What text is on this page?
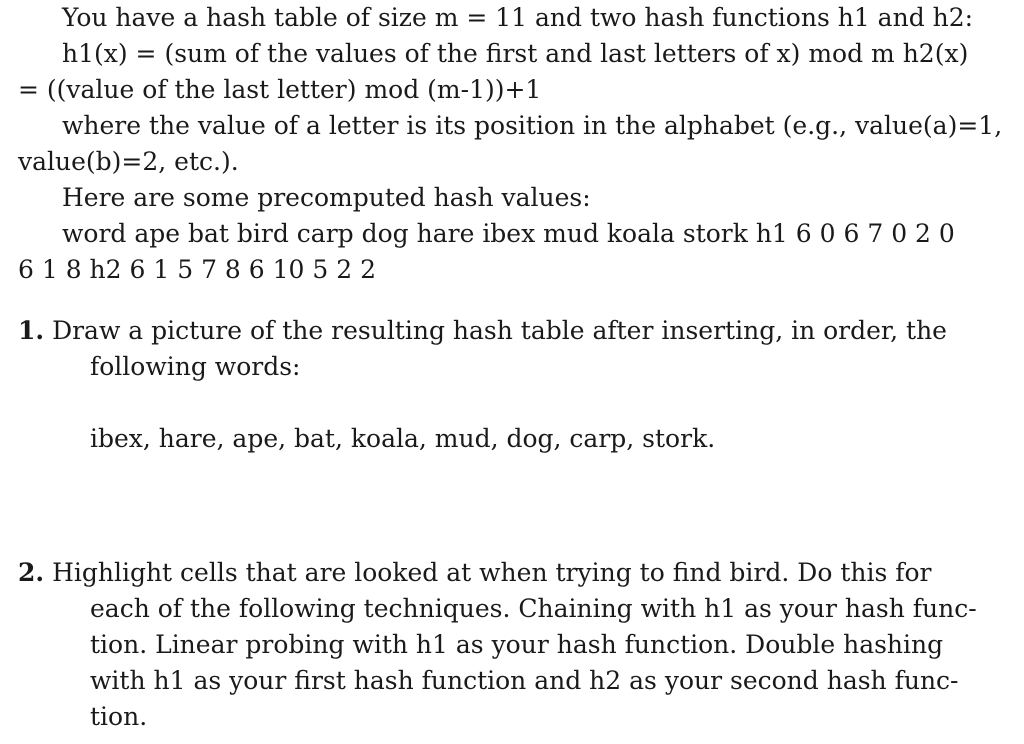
You have a hash table of size m = 11 and two hash functions h1 and h2:
h1(x) = (sum of the values of the first and last letters of x) mod m h2(x)
= ((value of the last letter) mod (m-1))+1
where the value of a letter is its position in the alphabet (e.g., value(a)=1,
value(b)=2, etc.).
Here are some precomputed hash values:
word ape bat bird carp dog hare ibex mud koala stork h1 6 0 6 7 0 2 0
6 1 8 h2 6 1 5 7 8 6 10 5 2 2
1. Draw a picture of the resulting hash table after inserting, in order, the
following words:
ibex, hare, ape, bat, koala, mud, dog, carp, stork.
2. Highlight cells that are looked at when trying to find bird. Do this for
each of the following techniques. Chaining with h1 as your hash func-
tion. Linear probing with h1 as your hash function. Double hashing
with h1 as your first hash function and h2 as your second hash func-
tion.
